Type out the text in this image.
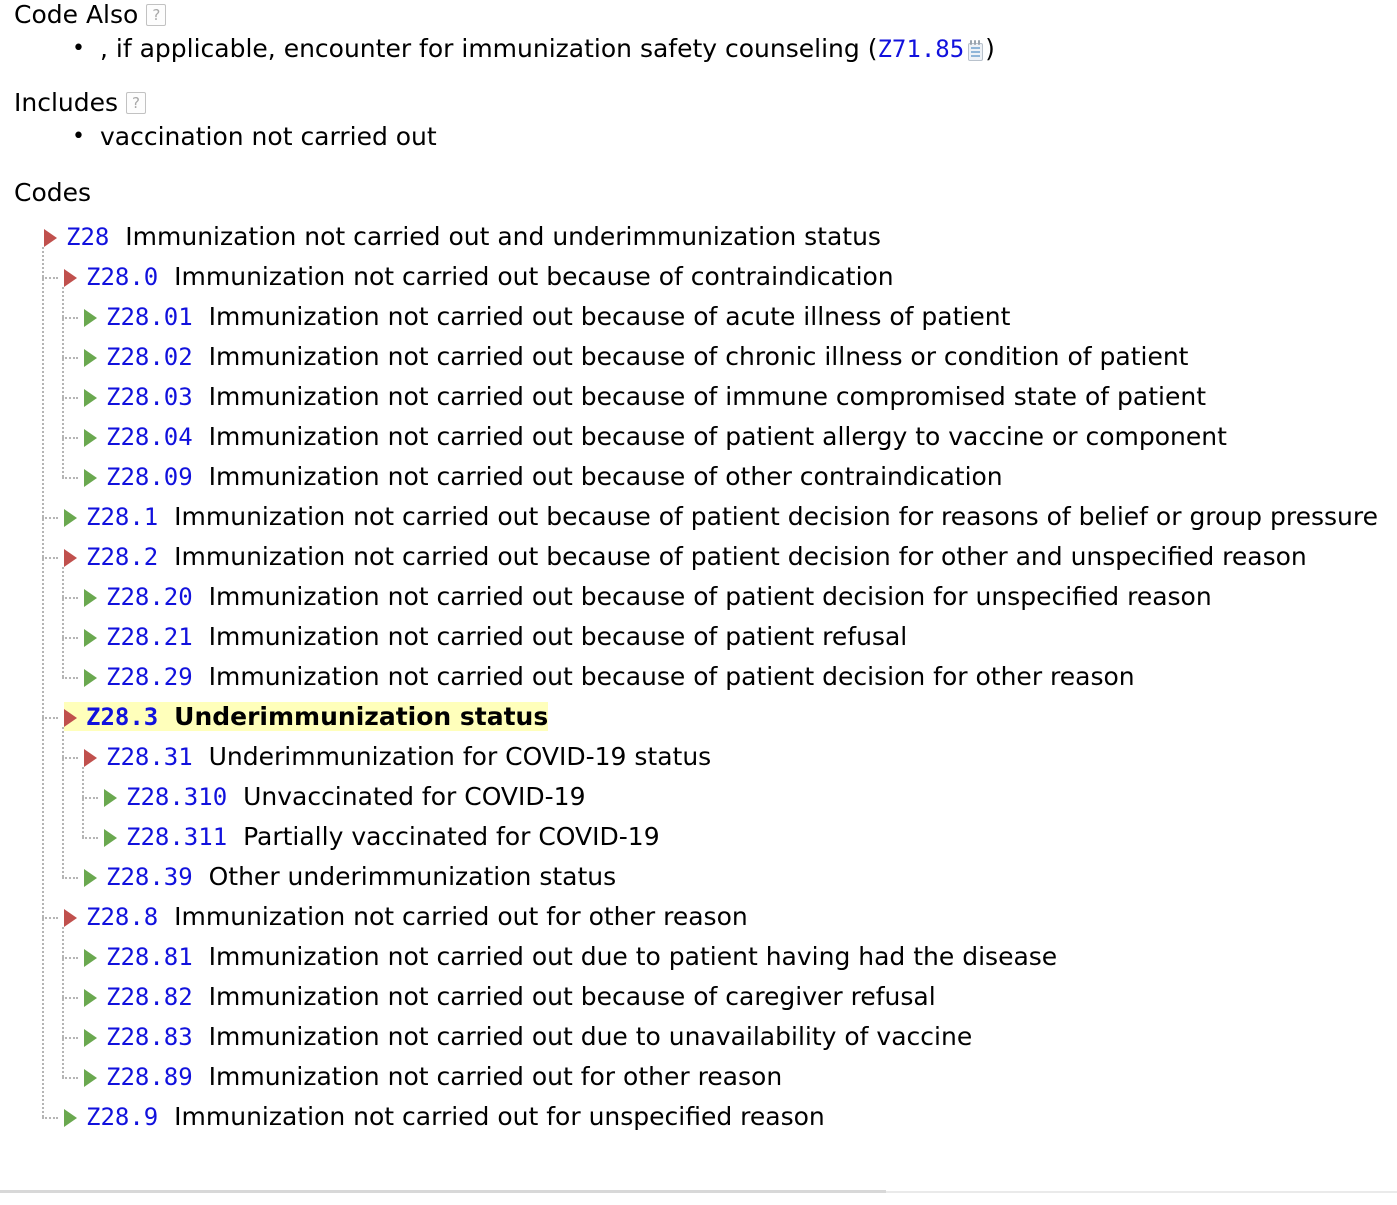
Code Also ?
• , if applicable, encounter for immunization safety counseling (Z71.85 )
Includes ?
• vaccination not carried out
Codes
Z28 Immunization not carried out and underimmunization status
Z28.0 Immunization not carried out because of contraindication
Z28.01 Immunization not carried out because of acute illness of patient
Z28.02 Immunization not carried out because of chronic illness or condition of patient
Z28.03 Immunization not carried out because of immune compromised state of patient
Z28.04 Immunization not carried out because of patient allergy to vaccine or component
Z28.09 Immunization not carried out because of other contraindication
Z28.1 Immunization not carried out because of patient decision for reasons of belief or group pressure
Z28.2 Immunization not carried out because of patient decision for other and unspecified reason
Z28.20 Immunization not carried out because of patient decision for unspecified reason
Z28.21 Immunization not carried out because of patient refusal
Z28.29 Immunization not carried out because of patient decision for other reason
Z28.3 Underimmunization status
Z28.31 Underimmunization for COVID-19 status
Z28.310 Unvaccinated for COVID-19
Z28.311 Partially vaccinated for COVID-19
Z28.39 Other underimmunization status
Z28.8 Immunization not carried out for other reason
Z28.81 Immunization not carried out due to patient having had the disease
Z28.82 Immunization not carried out because of caregiver refusal
Z28.83 Immunization not carried out due to unavailability of vaccine
Z28.89 Immunization not carried out for other reason
Z28.9 Immunization not carried out for unspecified reason
